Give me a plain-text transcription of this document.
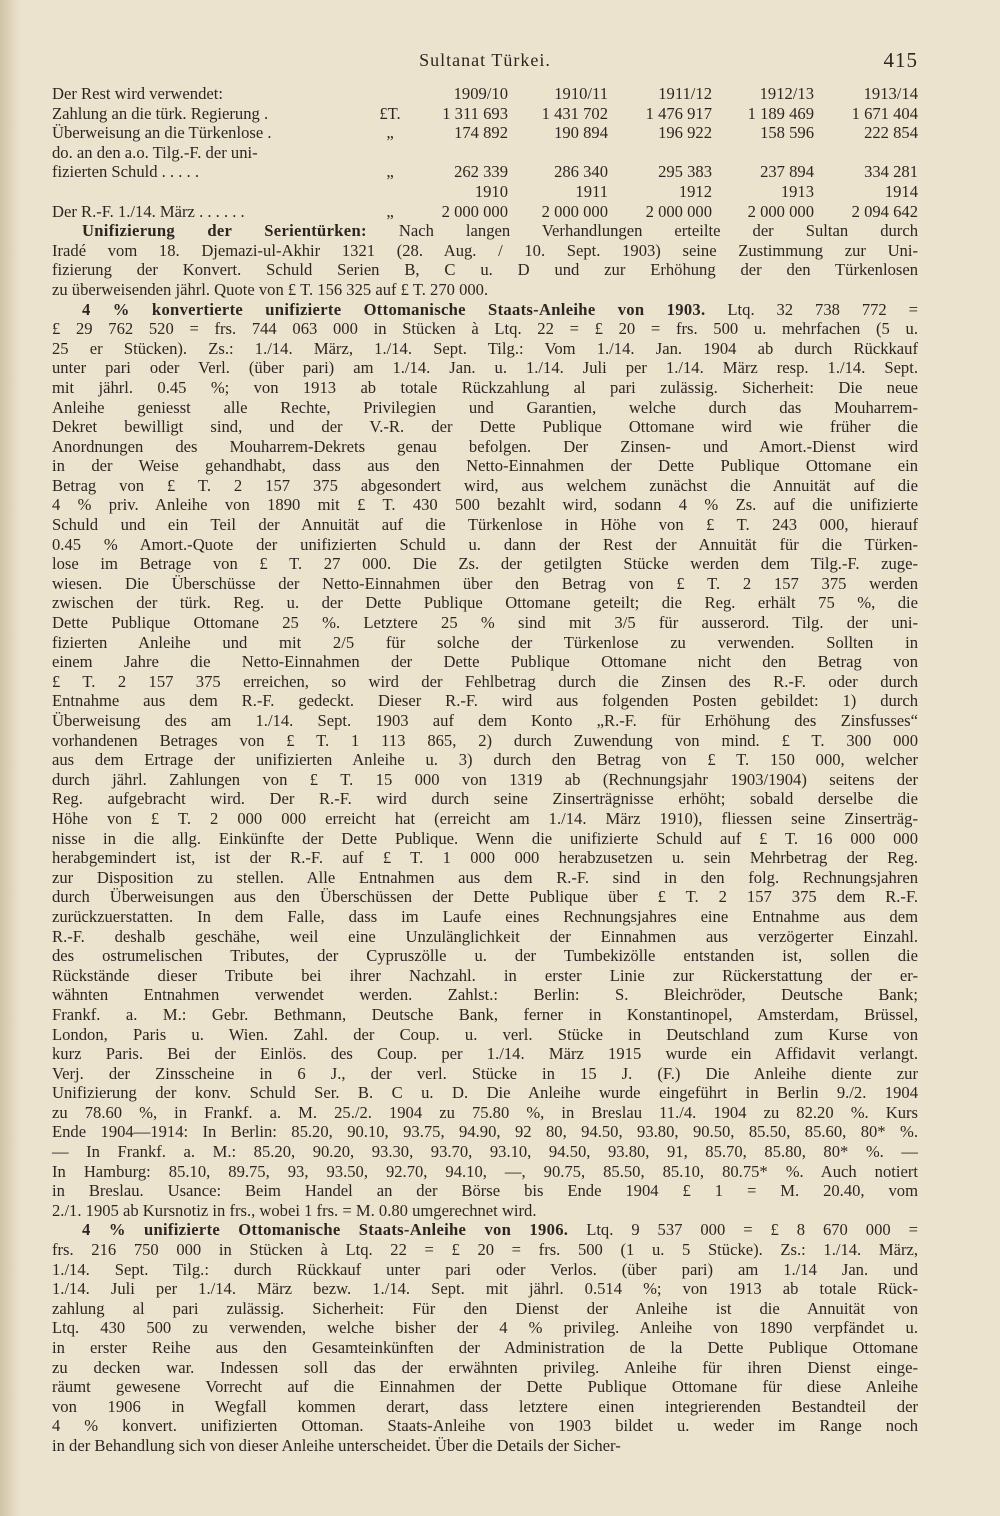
Sultanat Türkei.	415
Der Rest wird verwendet:		1909/10	1910/11	1911/12	1912/13	1913/14
Zahlung an die türk. Regierung .	£T.	1 311 693	1 431 702	1 476 917	1 189 469	1 671 404
Überweisung an die Türkenlose .	„	174 892	190 894	196 922	158 596	222 854
do. an den a.o. Tilg.-F. der uni-						
fizierten Schuld . . . . .	„	262 339	286 340	295 383	237 894	334 281
		1910	1911	1912	1913	1914
Der R.-F. 1./14. März . . . . . .	„	2 000 000	2 000 000	2 000 000	2 000 000	2 094 642

Unifizierung der Serientürken: Nach langen Verhandlungen erteilte der Sultan durch

Iradé vom 18. Djemazi-ul-Akhir 1321 (28. Aug. / 10. Sept. 1903) seine Zustimmung zur Uni-

fizierung der Konvert. Schuld Serien B, C u. D und zur Erhöhung der den Türkenlosen

zu überweisenden jährl. Quote von £ T. 156 325 auf £ T. 270 000.

4 % konvertierte unifizierte Ottomanische Staats-Anleihe von 1903. Ltq. 32 738 772 =

£ 29 762 520 = frs. 744 063 000 in Stücken à Ltq. 22 = £ 20 = frs. 500 u. mehrfachen (5 u.

25 er Stücken). Zs.: 1./14. März, 1./14. Sept. Tilg.: Vom 1./14. Jan. 1904 ab durch Rückkauf

unter pari oder Verl. (über pari) am 1./14. Jan. u. 1./14. Juli per 1./14. März resp. 1./14. Sept.

mit jährl. 0.45 %; von 1913 ab totale Rückzahlung al pari zulässig. Sicherheit: Die neue

Anleihe geniesst alle Rechte, Privilegien und Garantien, welche durch das Mouharrem-

Dekret bewilligt sind, und der V.-R. der Dette Publique Ottomane wird wie früher die

Anordnungen des Mouharrem-Dekrets genau befolgen. Der Zinsen- und Amort.-Dienst wird

in der Weise gehandhabt, dass aus den Netto-Einnahmen der Dette Publique Ottomane ein

Betrag von £ T. 2 157 375 abgesondert wird, aus welchem zunächst die Annuität auf die

4 % priv. Anleihe von 1890 mit £ T. 430 500 bezahlt wird, sodann 4 % Zs. auf die unifizierte

Schuld und ein Teil der Annuität auf die Türkenlose in Höhe von £ T. 243 000, hierauf

0.45 % Amort.-Quote der unifizierten Schuld u. dann der Rest der Annuität für die Türken-

lose im Betrage von £ T. 27 000. Die Zs. der getilgten Stücke werden dem Tilg.-F. zuge-

wiesen. Die Überschüsse der Netto-Einnahmen über den Betrag von £ T. 2 157 375 werden

zwischen der türk. Reg. u. der Dette Publique Ottomane geteilt; die Reg. erhält 75 %, die

Dette Publique Ottomane 25 %. Letztere 25 % sind mit 3/5 für ausserord. Tilg. der uni-

fizierten Anleihe und mit 2/5 für solche der Türkenlose zu verwenden. Sollten in

einem Jahre die Netto-Einnahmen der Dette Publique Ottomane nicht den Betrag von

£ T. 2 157 375 erreichen, so wird der Fehlbetrag durch die Zinsen des R.-F. oder durch

Entnahme aus dem R.-F. gedeckt. Dieser R.-F. wird aus folgenden Posten gebildet: 1) durch

Überweisung des am 1./14. Sept. 1903 auf dem Konto „R.-F. für Erhöhung des Zinsfusses“

vorhandenen Betrages von £ T. 1 113 865, 2) durch Zuwendung von mind. £ T. 300 000

aus dem Ertrage der unifizierten Anleihe u. 3) durch den Betrag von £ T. 150 000, welcher

durch jährl. Zahlungen von £ T. 15 000 von 1319 ab (Rechnungsjahr 1903/1904) seitens der

Reg. aufgebracht wird. Der R.-F. wird durch seine Zinserträgnisse erhöht; sobald derselbe die

Höhe von £ T. 2 000 000 erreicht hat (erreicht am 1./14. März 1910), fliessen seine Zinserträg-

nisse in die allg. Einkünfte der Dette Publique. Wenn die unifizierte Schuld auf £ T. 16 000 000

herabgemindert ist, ist der R.-F. auf £ T. 1 000 000 herabzusetzen u. sein Mehrbetrag der Reg.

zur Disposition zu stellen. Alle Entnahmen aus dem R.-F. sind in den folg. Rechnungsjahren

durch Überweisungen aus den Überschüssen der Dette Publique über £ T. 2 157 375 dem R.-F.

zurückzuerstatten. In dem Falle, dass im Laufe eines Rechnungsjahres eine Entnahme aus dem

R.-F. deshalb geschähe, weil eine Unzulänglichkeit der Einnahmen aus verzögerter Einzahl.

des ostrumelischen Tributes, der Cypruszölle u. der Tumbekizölle entstanden ist, sollen die

Rückstände dieser Tribute bei ihrer Nachzahl. in erster Linie zur Rückerstattung der er-

wähnten Entnahmen verwendet werden. Zahlst.: Berlin: S. Bleichröder, Deutsche Bank;

Frankf. a. M.: Gebr. Bethmann, Deutsche Bank, ferner in Konstantinopel, Amsterdam, Brüssel,

London, Paris u. Wien. Zahl. der Coup. u. verl. Stücke in Deutschland zum Kurse von

kurz Paris. Bei der Einlös. des Coup. per 1./14. März 1915 wurde ein Affidavit verlangt.

Verj. der Zinsscheine in 6 J., der verl. Stücke in 15 J. (F.) Die Anleihe diente zur

Unifizierung der konv. Schuld Ser. B. C u. D. Die Anleihe wurde eingeführt in Berlin 9./2. 1904

zu 78.60 %, in Frankf. a. M. 25./2. 1904 zu 75.80 %, in Breslau 11./4. 1904 zu 82.20 %. Kurs

Ende 1904—1914: In Berlin: 85.20, 90.10, 93.75, 94.90, 92 80, 94.50, 93.80, 90.50, 85.50, 85.60, 80* %.

— In Frankf. a. M.: 85.20, 90.20, 93.30, 93.70, 93.10, 94.50, 93.80, 91, 85.70, 85.80, 80* %. —

In Hamburg: 85.10, 89.75, 93, 93.50, 92.70, 94.10, —, 90.75, 85.50, 85.10, 80.75* %. Auch notiert

in Breslau. Usance: Beim Handel an der Börse bis Ende 1904 £ 1 = M. 20.40, vom

2./1. 1905 ab Kursnotiz in frs., wobei 1 frs. = M. 0.80 umgerechnet wird.

4 % unifizierte Ottomanische Staats-Anleihe von 1906. Ltq. 9 537 000 = £ 8 670 000 =

frs. 216 750 000 in Stücken à Ltq. 22 = £ 20 = frs. 500 (1 u. 5 Stücke). Zs.: 1./14. März,

1./14. Sept. Tilg.: durch Rückkauf unter pari oder Verlos. (über pari) am 1./14 Jan. und

1./14. Juli per 1./14. März bezw. 1./14. Sept. mit jährl. 0.514 %; von 1913 ab totale Rück-

zahlung al pari zulässig. Sicherheit: Für den Dienst der Anleihe ist die Annuität von

Ltq. 430 500 zu verwenden, welche bisher der 4 % privileg. Anleihe von 1890 verpfändet u.

in erster Reihe aus den Gesamteinkünften der Administration de la Dette Publique Ottomane

zu decken war. Indessen soll das der erwähnten privileg. Anleihe für ihren Dienst einge-

räumt gewesene Vorrecht auf die Einnahmen der Dette Publique Ottomane für diese Anleihe

von 1906 in Wegfall kommen derart, dass letztere einen integrierenden Bestandteil der

4 % konvert. unifizierten Ottoman. Staats-Anleihe von 1903 bildet u. weder im Range noch

in der Behandlung sich von dieser Anleihe unterscheidet. Über die Details der Sicher-
